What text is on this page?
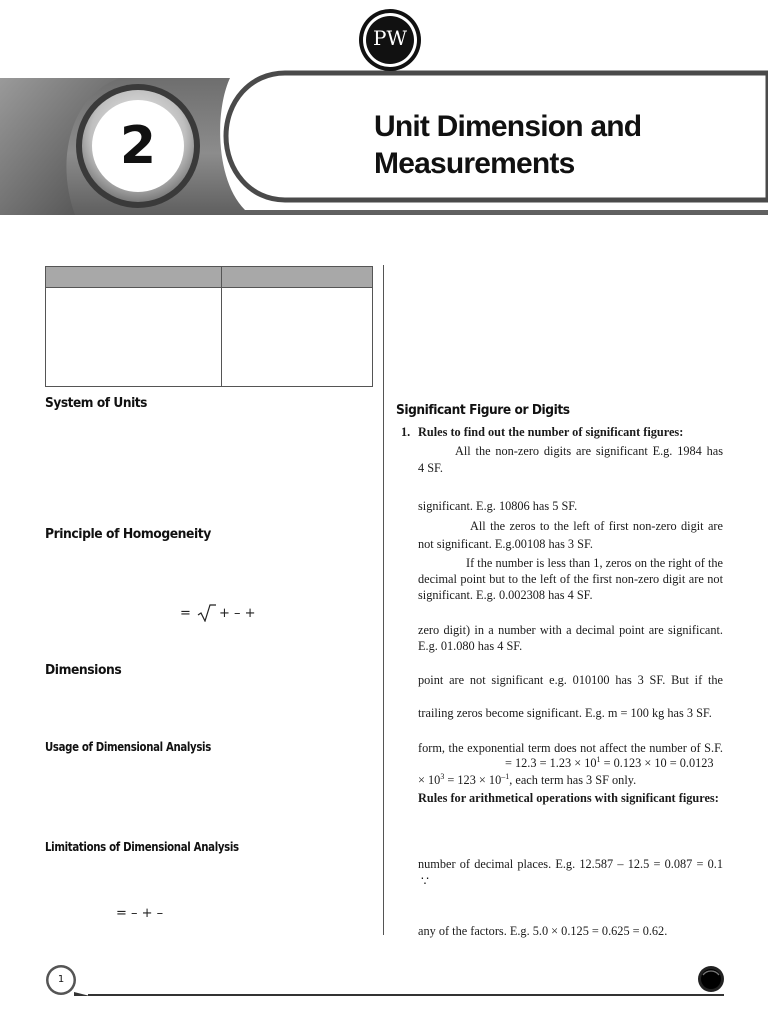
PW
2	Unit Dimension and
Measurements

System of Units
Principle of Homogeneity
= + – +
Dimensions
Usage of Dimensional Analysis
Limitations of Dimensional Analysis
= – + –
Significant Figure or Digits

1. Rules to find out the number of significant figures:

All the non-zero digits are significant E.g. 1984 has

4 SF.

significant. E.g. 10806 has 5 SF.

All the zeros to the left of first non-zero digit are

not significant. E.g.00108 has 3 SF.

If the number is less than 1, zeros on the right of the

decimal point but to the left of the first non-zero digit are not

significant. E.g. 0.002308 has 4 SF.

zero digit) in a number with a decimal point are significant.

E.g. 01.080 has 4 SF.

point are not significant e.g. 010100 has 3 SF. But if the

trailing zeros become significant. E.g. m = 100 kg has 3 SF.

form, the exponential term does not affect the number of S.F.

= $12.3 = 1.23 \times 10^1 = 0.123 \times 10 = 0.0123$

× $10^3 = 123 \times 10^{-1}$, each term has 3 SF only.

Rules for arithmetical operations with significant figures:

number of decimal places. E.g. 12.587 – 12.5 = 0.087 = 0.1

∵

any of the factors. E.g. 5.0 × 0.125 = 0.625 = 0.62.

1
